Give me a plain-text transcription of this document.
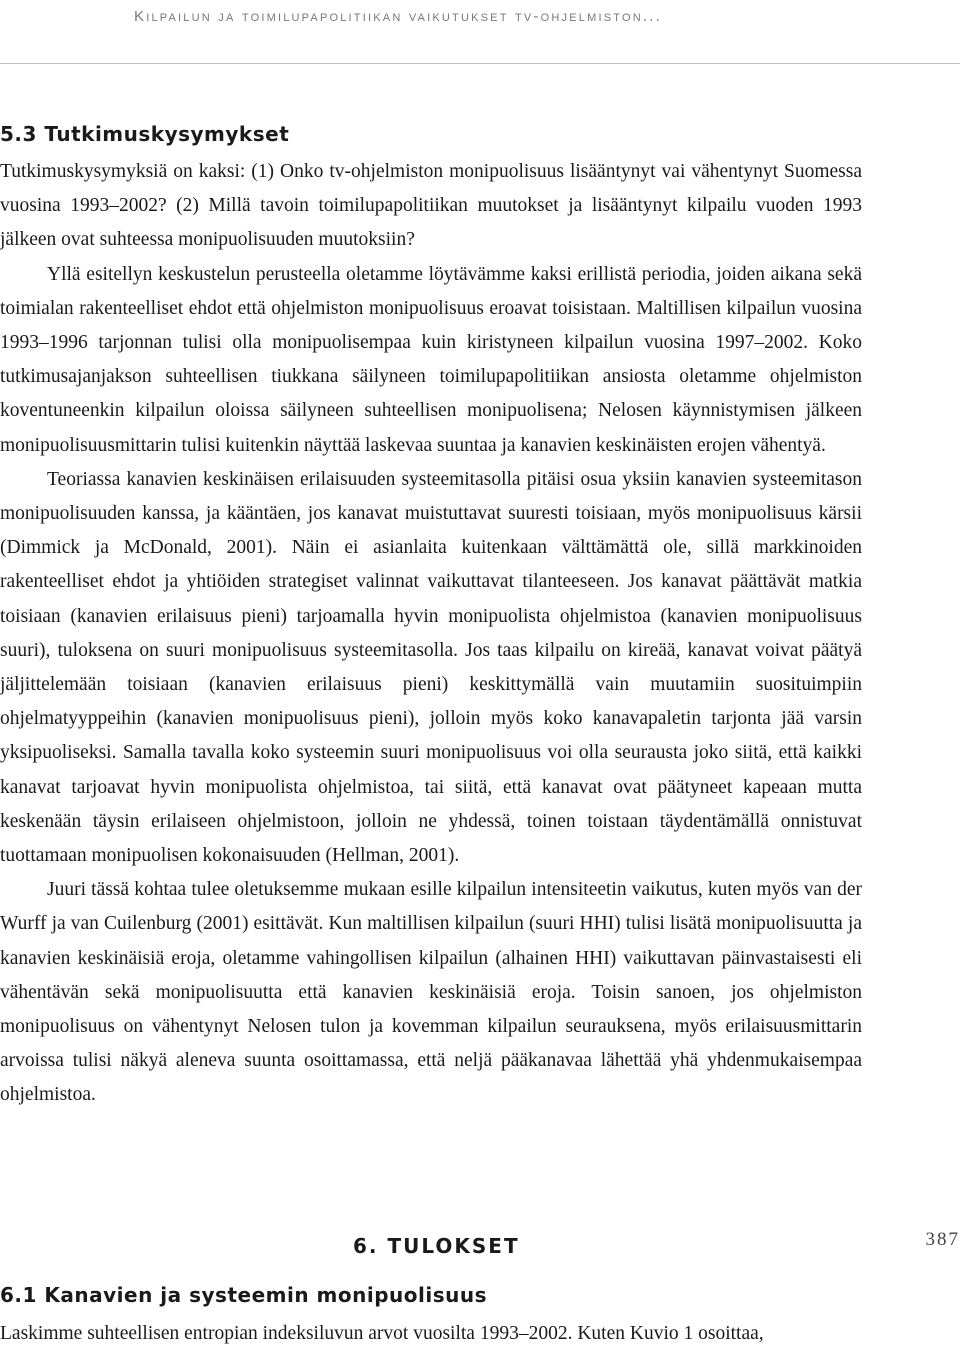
Kilpailun ja toimilupapolitiikan vaikutukset tv-ohjelmiston...
5.3 Tutkimuskysymykset

Tutkimuskysymyksiä on kaksi: (1) Onko tv-ohjelmiston monipuolisuus lisääntynyt vai vähentynyt Suomessa vuosina 1993–2002? (2) Millä tavoin toimilupapolitiikan muutokset ja lisääntynyt kilpailu vuoden 1993 jälkeen ovat suhteessa monipuolisuuden muutoksiin?

Yllä esitellyn keskustelun perusteella oletamme löytävämme kaksi erillistä periodia, joiden aikana sekä toimialan rakenteelliset ehdot että ohjelmiston monipuolisuus eroavat toisistaan. Maltillisen kilpailun vuosina 1993–1996 tarjonnan tulisi olla monipuolisempaa kuin kiristyneen kilpailun vuosina 1997–2002. Koko tutkimusajanjakson suhteellisen tiukkana säilyneen toimilupapolitiikan ansiosta oletamme ohjelmiston koventuneenkin kilpailun oloissa säilyneen suhteellisen monipuolisena; Nelosen käynnistymisen jälkeen monipuolisuusmittarin tulisi kuitenkin näyttää laskevaa suuntaa ja kanavien keskinäisten erojen vähentyä.

Teoriassa kanavien keskinäisen erilaisuuden systeemitasolla pitäisi osua yksiin kanavien systeemitason monipuolisuuden kanssa, ja kääntäen, jos kanavat muistuttavat suuresti toisiaan, myös monipuolisuus kärsii (Dimmick ja McDonald, 2001). Näin ei asianlaita kuitenkaan välttämättä ole, sillä markkinoiden rakenteelliset ehdot ja yhtiöiden strategiset valinnat vaikuttavat tilanteeseen. Jos kanavat päättävät matkia toisiaan (kanavien erilaisuus pieni) tarjoamalla hyvin monipuolista ohjelmistoa (kanavien monipuolisuus suuri), tuloksena on suuri monipuolisuus systeemitasolla. Jos taas kilpailu on kireää, kanavat voivat päätyä jäljittelemään toisiaan (kanavien erilaisuus pieni) keskittymällä vain muutamiin suosituimpiin ohjelmatyyppeihin (kanavien monipuolisuus pieni), jolloin myös koko kanavapaletin tarjonta jää varsin yksipuoliseksi. Samalla tavalla koko systeemin suuri monipuolisuus voi olla seurausta joko siitä, että kaikki kanavat tarjoavat hyvin monipuolista ohjelmistoa, tai siitä, että kanavat ovat päätyneet kapeaan mutta keskenään täysin erilaiseen ohjelmistoon, jolloin ne yhdessä, toinen toistaan täydentämällä onnistuvat tuottamaan monipuolisen kokonaisuuden (Hellman, 2001).

Juuri tässä kohtaa tulee oletuksemme mukaan esille kilpailun intensiteetin vaikutus, kuten myös van der Wurff ja van Cuilenburg (2001) esittävät. Kun maltillisen kilpailun (suuri HHI) tulisi lisätä monipuolisuutta ja kanavien keskinäisiä eroja, oletamme vahingollisen kilpailun (alhainen HHI) vaikuttavan päinvastaisesti eli vähentävän sekä monipuolisuutta että kanavien keskinäisiä eroja. Toisin sanoen, jos ohjelmiston monipuolisuus on vähentynyt Nelosen tulon ja kovemman kilpailun seurauksena, myös erilaisuusmittarin arvoissa tulisi näkyä aleneva suunta osoittamassa, että neljä pääkanavaa lähettää yhä yhdenmukaisempaa ohjelmistoa.

6. TULOKSET	387
6.1 Kanavien ja systeemin monipuolisuus
Laskimme suhteellisen entropian indeksiluvun arvot vuosilta 1993–2002. Kuten Kuvio 1 osoittaa,
